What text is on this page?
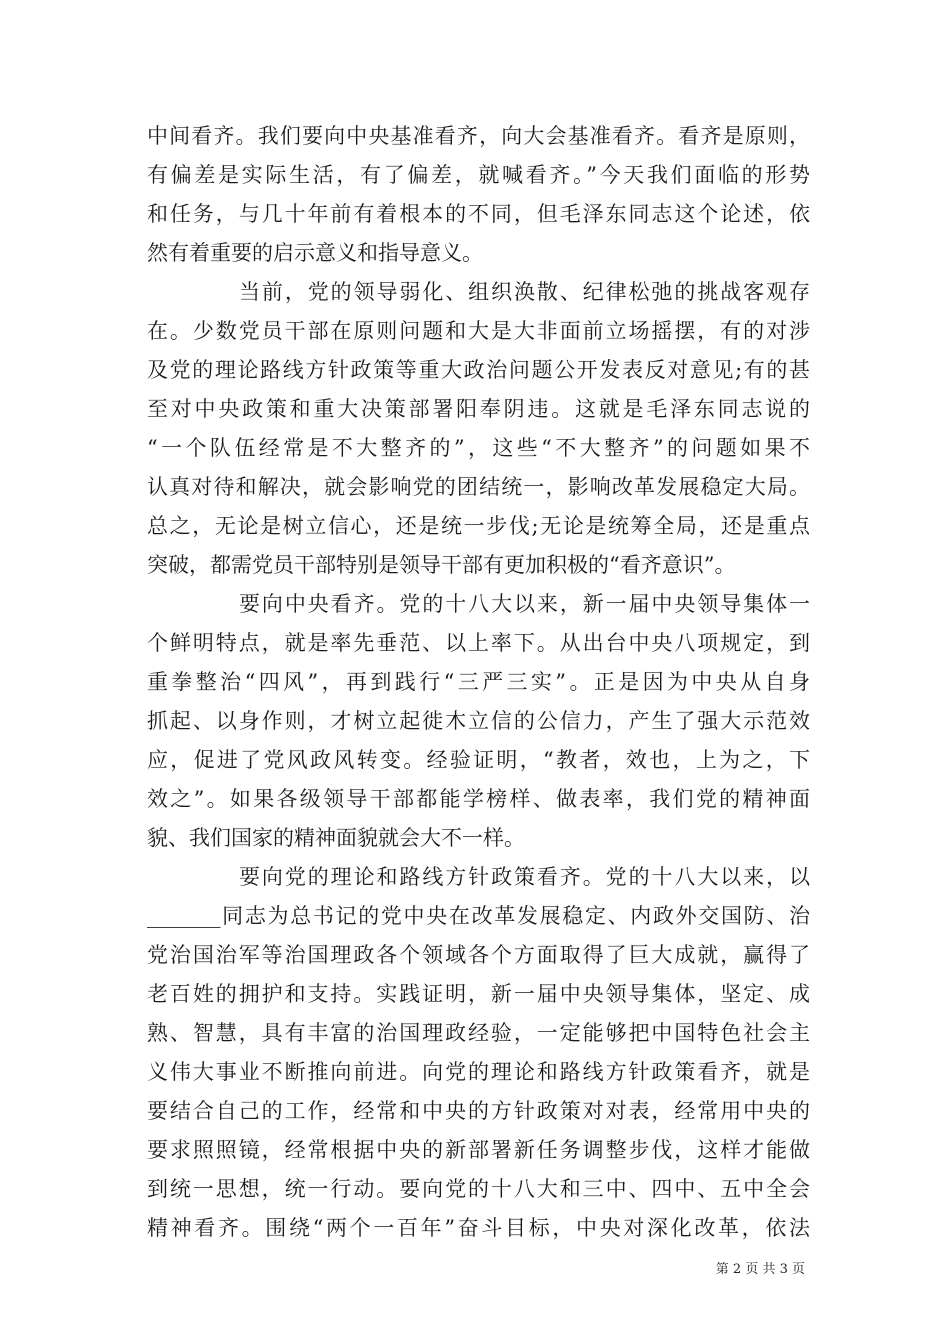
中间看齐。我们要向中央基准看齐，向大会基准看齐。看齐是原则，
有偏差是实际生活，有了偏差，就喊看齐。”今天我们面临的形势
和任务，与几十年前有着根本的不同，但毛泽东同志这个论述，依
然有着重要的启示意义和指导意义。
当前，党的领导弱化、组织涣散、纪律松弛的挑战客观存
在。少数党员干部在原则问题和大是大非面前立场摇摆，有的对涉
及党的理论路线方针政策等重大政治问题公开发表反对意见;有的甚
至对中央政策和重大决策部署阳奉阴违。这就是毛泽东同志说的
“一个队伍经常是不大整齐的”，这些“不大整齐”的问题如果不
认真对待和解决，就会影响党的团结统一，影响改革发展稳定大局。
总之，无论是树立信心，还是统一步伐;无论是统筹全局，还是重点
突破，都需党员干部特别是领导干部有更加积极的“看齐意识”。
要向中央看齐。党的十八大以来，新一届中央领导集体一
个鲜明特点，就是率先垂范、以上率下。从出台中央八项规定，到
重拳整治“四风”，再到践行“三严三实”。正是因为中央从自身
抓起、以身作则，才树立起徙木立信的公信力，产生了强大示范效
应，促进了党风政风转变。经验证明，“教者，效也，上为之，下
效之”。如果各级领导干部都能学榜样、做表率，我们党的精神面
貌、我们国家的精神面貌就会大不一样。
要向党的理论和路线方针政策看齐。党的十八大以来，以
_______同志为总书记的党中央在改革发展稳定、内政外交国防、治
党治国治军等治国理政各个领域各个方面取得了巨大成就，赢得了
老百姓的拥护和支持。实践证明，新一届中央领导集体，坚定、成
熟、智慧，具有丰富的治国理政经验，一定能够把中国特色社会主
义伟大事业不断推向前进。向党的理论和路线方针政策看齐，就是
要结合自己的工作，经常和中央的方针政策对对表，经常用中央的
要求照照镜，经常根据中央的新部署新任务调整步伐，这样才能做
到统一思想，统一行动。要向党的十八大和三中、四中、五中全会
精神看齐。围绕“两个一百年”奋斗目标，中央对深化改革，依法
第 2 页 共 3 页
